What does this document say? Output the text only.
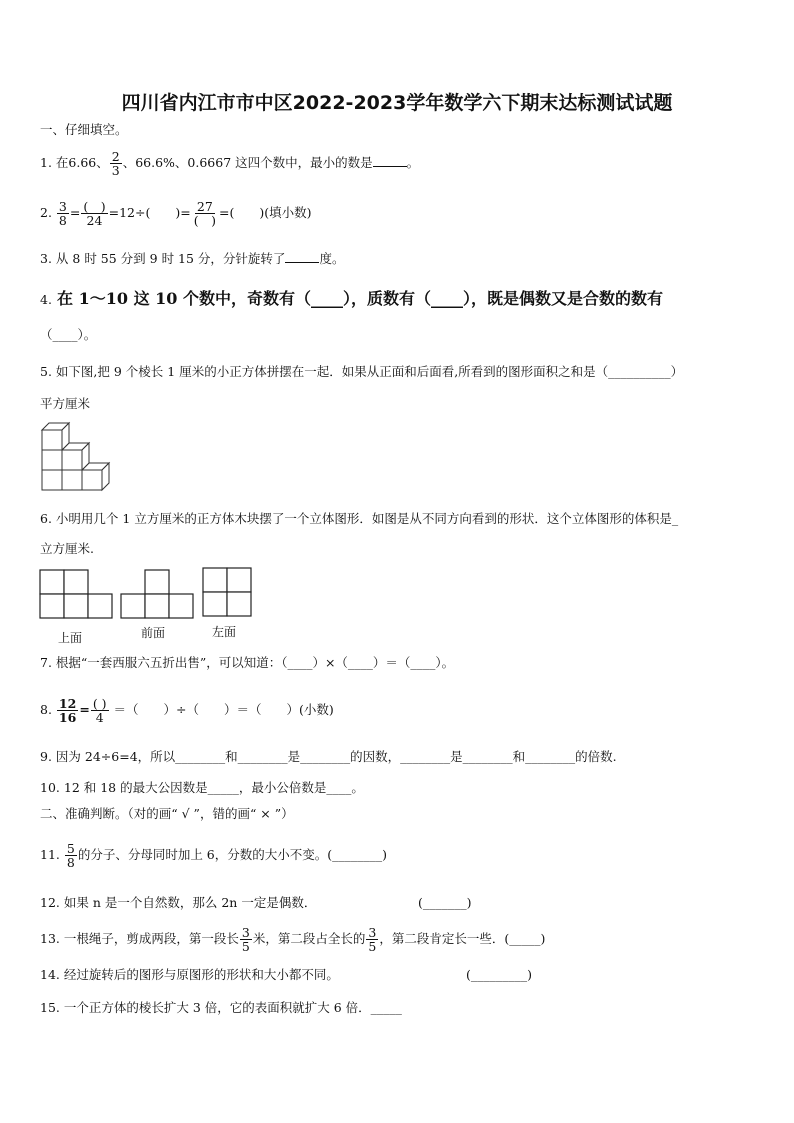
四川省内江市市中区2022-2023学年数学六下期末达标测试试题
一、仔细填空。
1. 在6.66、 $\frac{2}{3}$ 、66.6%、0.6667 这四个数中，最小的数是	。
2. $\frac{3}{8} = \frac{( )}{24} =12\div$(　　)= $\frac{27}{( )}$ =(　　)(填小数)
3. 从 8 时 55 分到 9 时 15 分，分针旋转了	度。
4. 在 1～10 这 10 个数中，奇数有（____），质数有（____），既是偶数又是合数的数有
（____）。
5. 如下图,把 9 个棱长 1 厘米的小正方体拼摆在一起．如果从正面和后面看,所看到的图形面积之和是（__________）
平方厘米
6. 小明用几个 1 立方厘米的正方体木块摆了一个立体图形．如图是从不同方向看到的形状．这个立体图形的体积是_
立方厘米.
上面	前面	左面
7. 根据“一套西服六五折出售”，可以知道：（____）×（____）＝（____）。
8. $\frac{12}{16} = \frac{( )}{4}$ ＝（　　）÷（　　）＝（　　）(小数)
9. 因为 24÷6=4，所以________和________是________的因数，________是________和________的倍数.
10. 12 和 18 的最大公因数是_____，最小公倍数是____。
二、准确判断。（对的画“ √ ”，错的画“ × ”）
11. $\frac{5}{8}$ 的分子、分母同时加上 6，分数的大小不变。(________)
12. 如果 n 是一个自然数，那么 2n 一定是偶数．	(_______)
13. 一根绳子，剪成两段，第一段长 $\frac{3}{5}$ 米，第二段占全长的 $\frac{3}{5}$ ，第二段肯定长一些．(_____)
14. 经过旋转后的图形与原图形的形状和大小都不同。	(_________)
15. 一个正方体的棱长扩大 3 倍，它的表面积就扩大 6 倍．_____
